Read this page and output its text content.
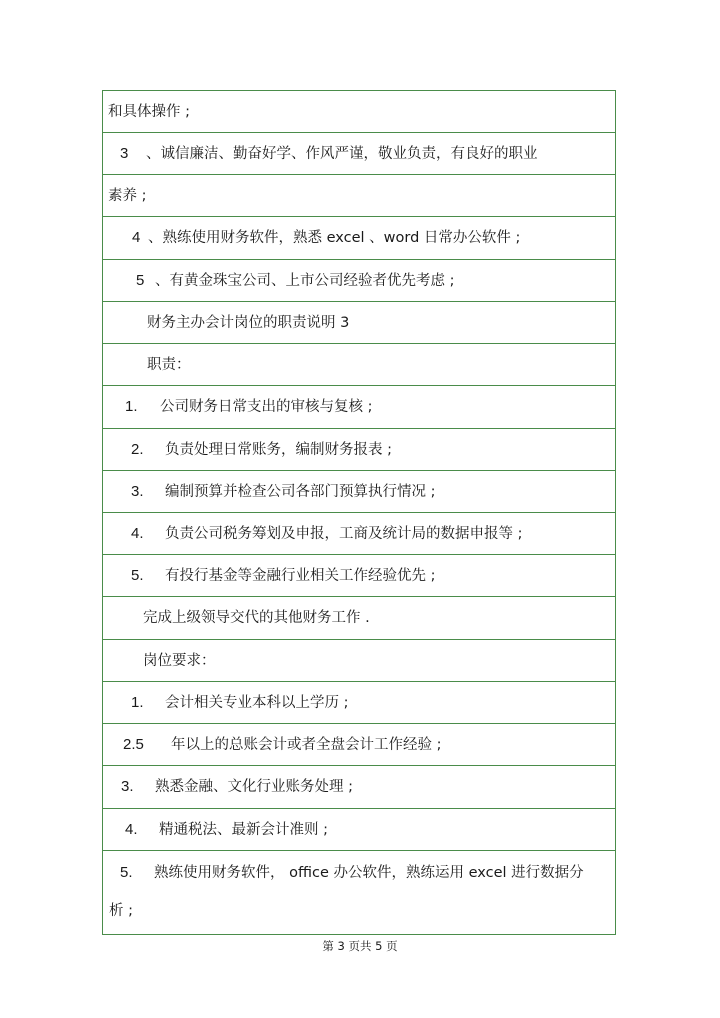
和具体操作 ;
3 、诚信廉洁、勤奋好学、作风严谨，敬业负责，有良好的职业
素养 ;
4 、熟练使用财务软件，熟悉 excel 、word 日常办公软件 ;
5 、有黄金珠宝公司、上市公司经验者优先考虑 ;
财务主办会计岗位的职责说明 3
职责：
1. 公司财务日常支出的审核与复核 ;
2. 负责处理日常账务，编制财务报表 ;
3. 编制预算并检查公司各部门预算执行情况 ;
4. 负责公司税务筹划及申报，工商及统计局的数据申报等 ;
5. 有投行基金等金融行业相关工作经验优先 ;
完成上级领导交代的其他财务工作 .
岗位要求：
1. 会计相关专业本科以上学历 ;
2.5 年以上的总账会计或者全盘会计工作经验 ;
3. 熟悉金融、文化行业账务处理 ;
4. 精通税法、最新会计准则 ;
5. 熟练使用财务软件， office 办公软件，熟练运用 excel 进行数据分
析 ;
第 3 页共 5 页
